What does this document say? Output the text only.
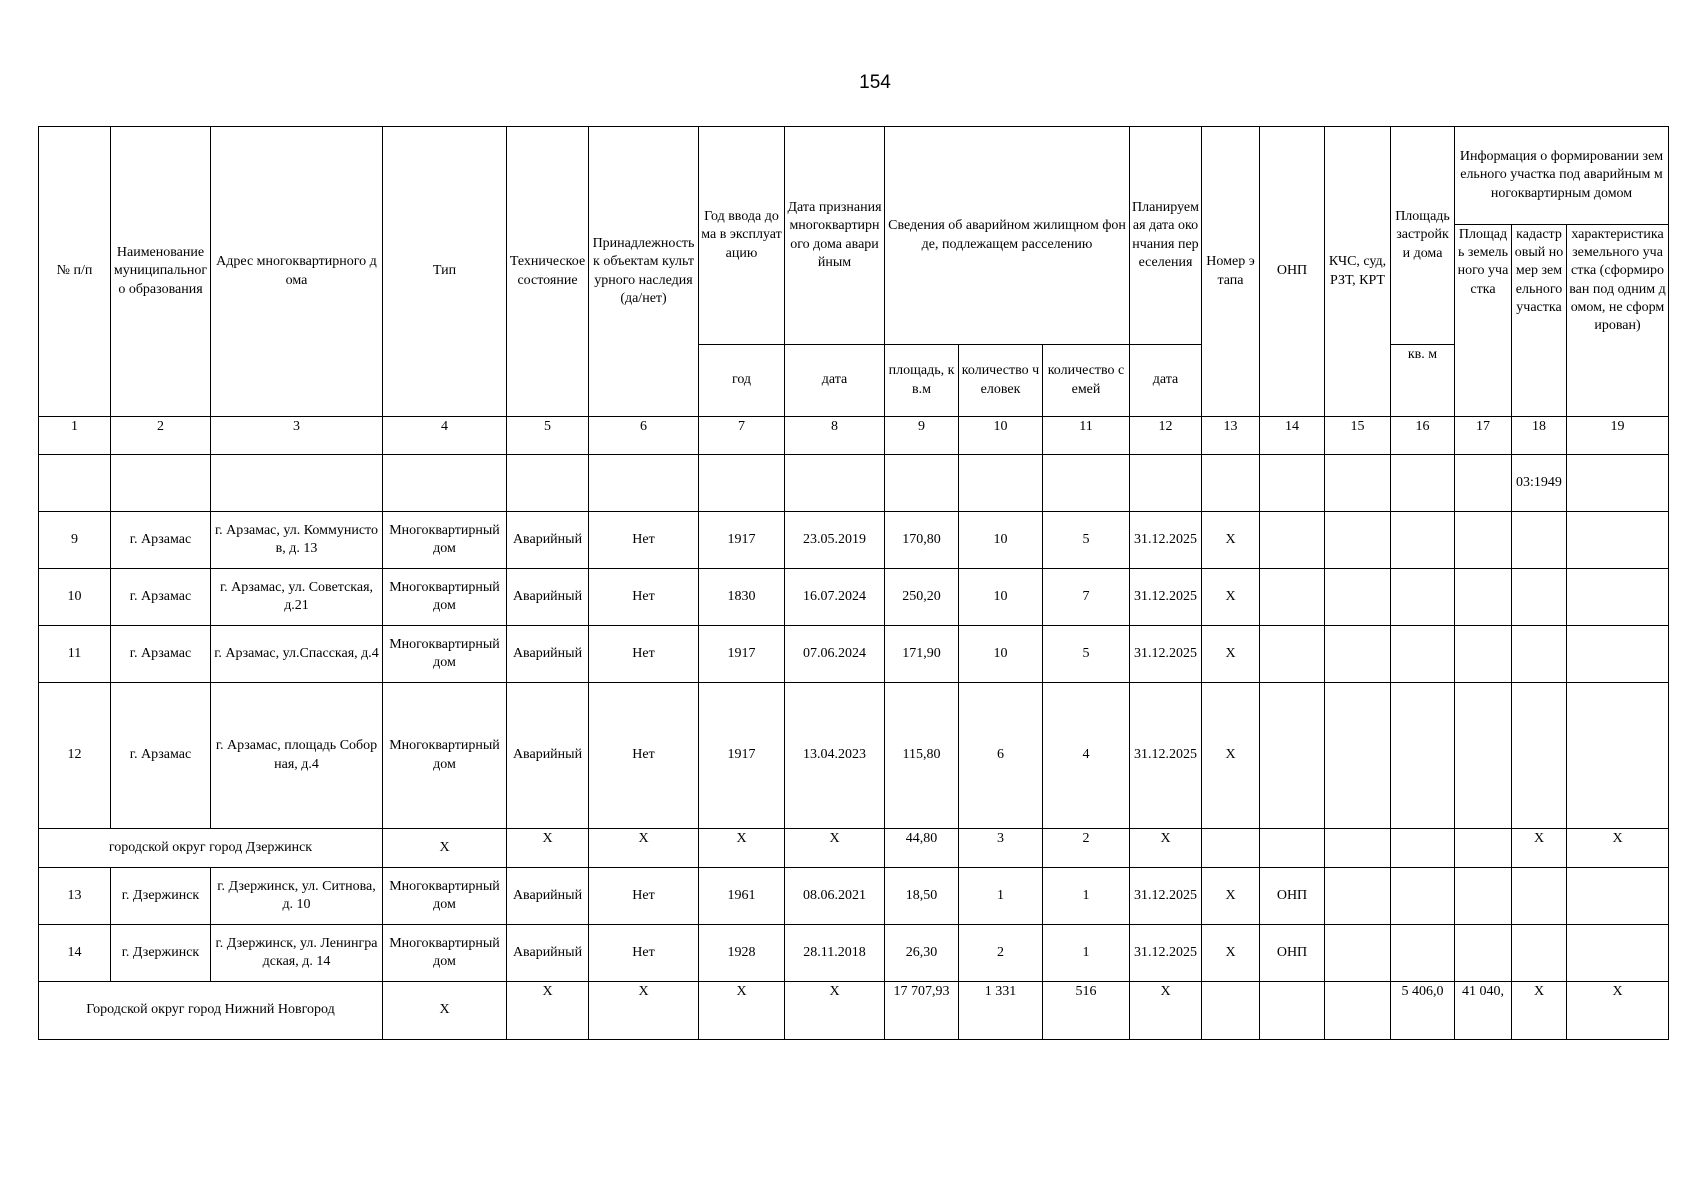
154
№ п/п	Наименование муниципального образования	Адрес многоквартирного дома	Тип	Техническое состояние	Принадлежность к объектам культурного наследия (да/нет)	Год ввода дома в эксплуатацию	Дата признания многоквартирного дома аварийным	Сведения об аварийном жилищном фонде, подлежащем расселению			Планируемая дата окончания переселения	Номер этапа	ОНП	КЧС, суд, РЗТ, КРТ	Площадь застройки дома	Информация о формировании земельного участка под аварийным многоквартирным домом		
																Площадь земельного участка	кадастровый номер земельного участка	характеристика земельного участка (сформирован под одним домом, не сформирован)
						год	дата	площадь, кв.м	количество человек	количество семей	дата				кв. м			
1	2	3	4	5	6	7	8	9	10	11	12	13	14	15	16	17	18	19
																	03:1949	
9	г. Арзамас	г. Арзамас, ул. Коммунистов, д. 13	Многоквартирный дом	Аварийный	Нет	1917	23.05.2019	170,80	10	5	31.12.2025	Х						
10	г. Арзамас	г. Арзамас, ул. Советская, д.21	Многоквартирный дом	Аварийный	Нет	1830	16.07.2024	250,20	10	7	31.12.2025	Х						
11	г. Арзамас	г. Арзамас, ул.Спасская, д.4	Многоквартирный дом	Аварийный	Нет	1917	07.06.2024	171,90	10	5	31.12.2025	Х						
12	г. Арзамас	г. Арзамас, площадь Соборная, д.4	Многоквартирный дом	Аварийный	Нет	1917	13.04.2023	115,80	6	4	31.12.2025	Х						
городской округ город Дзержинск			Х	Х	Х	Х	Х	44,80	3	2	Х						Х	Х
13	г. Дзержинск	г. Дзержинск, ул. Ситнова, д. 10	Многоквартирный дом	Аварийный	Нет	1961	08.06.2021	18,50	1	1	31.12.2025	Х	ОНП					
14	г. Дзержинск	г. Дзержинск, ул. Ленинградская, д. 14	Многоквартирный дом	Аварийный	Нет	1928	28.11.2018	26,30	2	1	31.12.2025	Х	ОНП					
Городской округ город Нижний Новгород			Х	Х	Х	Х	Х	17 707,93	1 331	516	Х				5 406,0	41 040,	Х	Х
